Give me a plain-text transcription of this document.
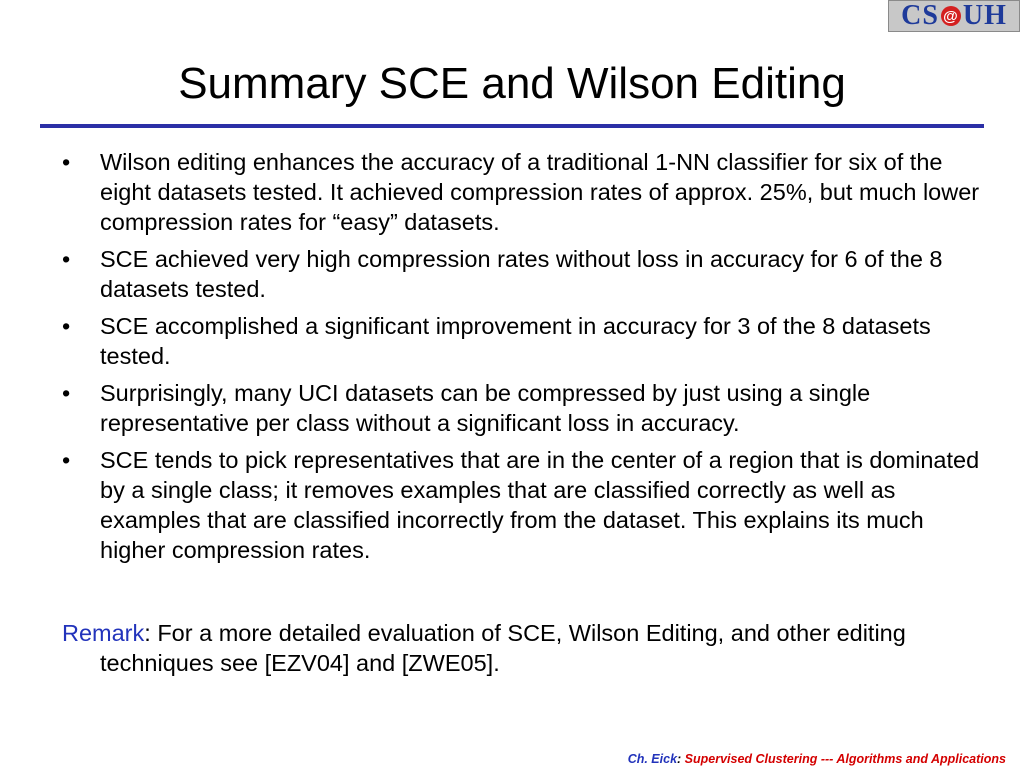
CS @ UH
Summary SCE and Wilson Editing
• Wilson editing enhances the accuracy of a traditional 1-NN classifier for six of the eight datasets tested. It achieved compression rates of approx. 25%, but much lower compression rates for “easy” datasets.
• SCE achieved very high compression rates without loss in accuracy for 6 of the 8 datasets tested.
• SCE accomplished a significant improvement in accuracy for 3 of the 8 datasets tested.
• Surprisingly, many UCI datasets can be compressed by just using a single representative per class without a significant loss in accuracy.
• SCE tends to pick representatives that are in the center of a region that is dominated by a single class; it removes examples that are classified correctly as well as examples that are classified incorrectly from the dataset. This explains its much higher compression rates.
Remark: For a more detailed evaluation of SCE, Wilson Editing, and other editing techniques see [EZV04] and [ZWE05].
Ch. Eick: Supervised Clustering --- Algorithms and Applications
